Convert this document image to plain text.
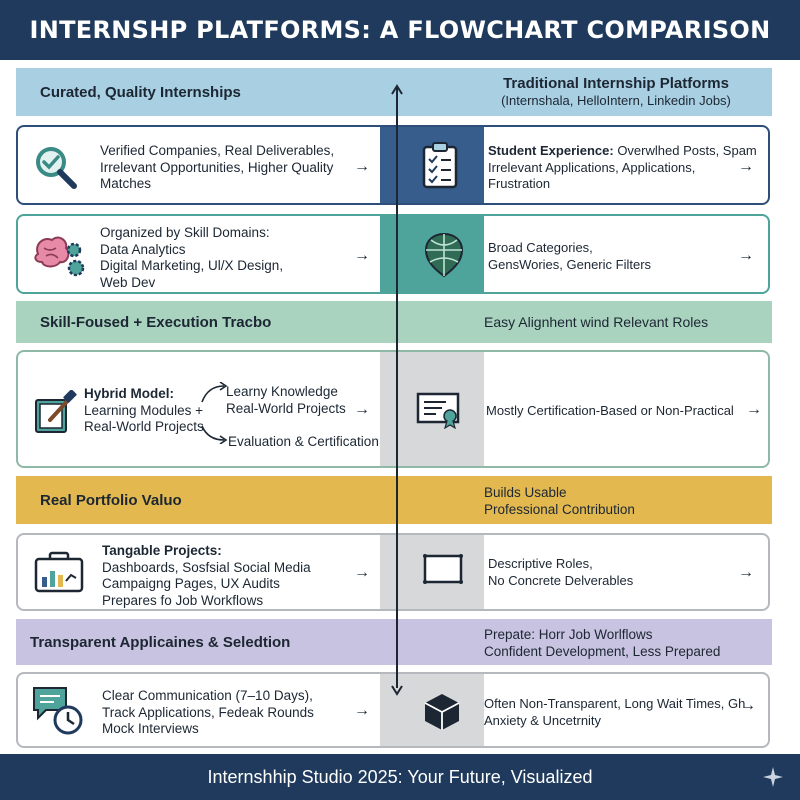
INTERNSHP PLATFORMS: A FLOWCHART COMPARISON
Curated, Quality Internships	Traditional Internship Platforms
(Internshala, HelloIntern, Linkedin Jobs)
Verified Companies, Real Deliverables,
Irrelevant Opportunities, Higher Quality
Matches
→
Student Experience: Overwlhed Posts, Spam
Irrelevant Applications, Applications,
Frustration
→
Organized by Skill Domains:
Data Analytics
Digital Marketing, Ul/X Design,
Web Dev
→	Broad Categories,
GensWories, Generic Filters	→
Skill-Foused + Execution Tracbo	Easy Alignhent wind Relevant Roles
Hybrid Model:
Learning Modules +
Real-World Projects
Learny Knowledge
Real-World Projects
Evaluation & Certification
→	Mostly Certification-Based or Non-Practical →
Real Portfolio Valuo	Builds Usable
Professional Contribution
Tangable Projects:
Dashboards, Sosfsial Social Media
Campaigng Pages, UX Audits
Prepares fo Job Workflows
→
Descriptive Roles,
No Concrete Delverables	→
Transparent Applicaines & Seledtion	Prepate: Horr Job Worlflows
Confident Development, Less Prepared
Clear Communication (7–10 Days),
Track Applications, Fedeak Rounds
Mock Interviews
→	Often Non-Transparent, Long Wait Times, Gh
Anxiety & Uncetrnity
→
Internshhip Studio 2025: Your Future, Visualized
